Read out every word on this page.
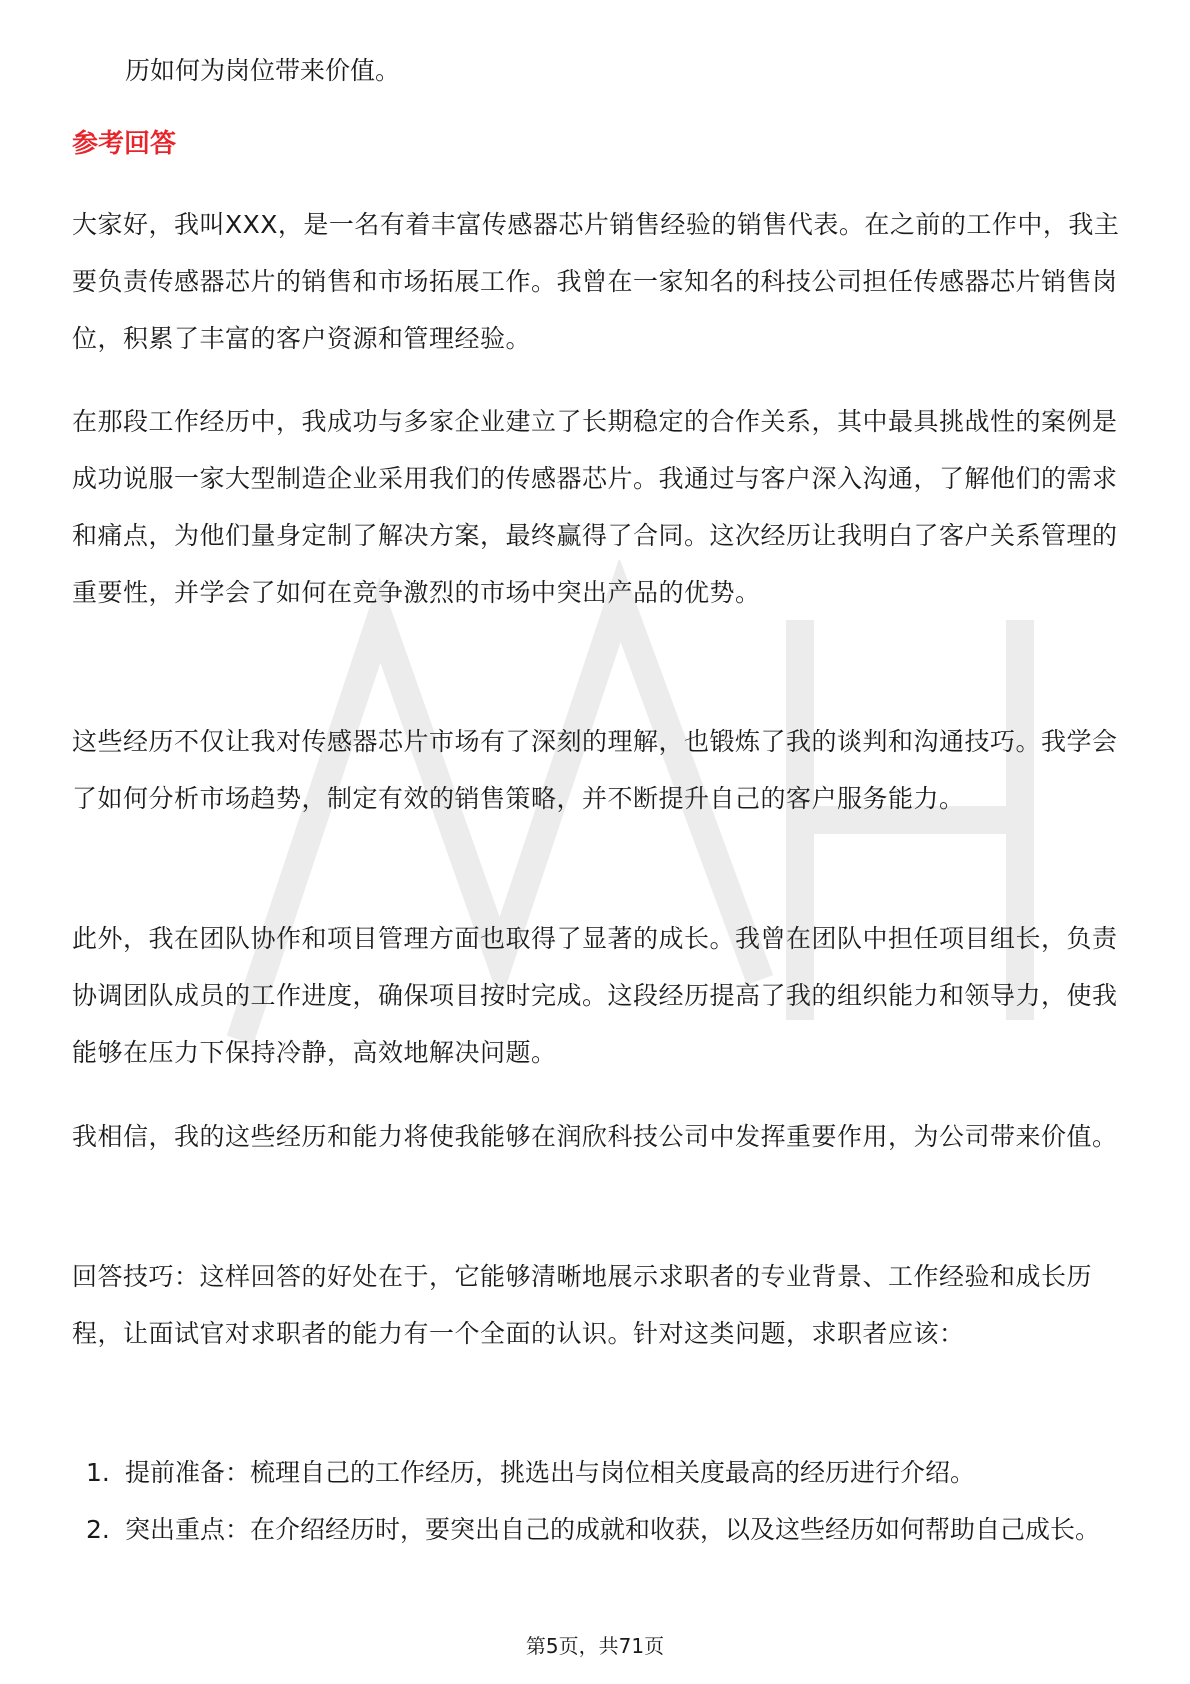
历如何为岗位带来价值。
参考回答
大家好，我叫XXX，是一名有着丰富传感器芯片销售经验的销售代表。在之前的工作中，我主要负责传感器芯片的销售和市场拓展工作。我曾在一家知名的科技公司担任传感器芯片销售岗位，积累了丰富的客户资源和管理经验。
在那段工作经历中，我成功与多家企业建立了长期稳定的合作关系，其中最具挑战性的案例是成功说服一家大型制造企业采用我们的传感器芯片。我通过与客户深入沟通，了解他们的需求和痛点，为他们量身定制了解决方案，最终赢得了合同。这次经历让我明白了客户关系管理的重要性，并学会了如何在竞争激烈的市场中突出产品的优势。
这些经历不仅让我对传感器芯片市场有了深刻的理解，也锻炼了我的谈判和沟通技巧。我学会了如何分析市场趋势，制定有效的销售策略，并不断提升自己的客户服务能力。
此外，我在团队协作和项目管理方面也取得了显著的成长。我曾在团队中担任项目组长，负责协调团队成员的工作进度，确保项目按时完成。这段经历提高了我的组织能力和领导力，使我能够在压力下保持冷静，高效地解决问题。
我相信，我的这些经历和能力将使我能够在润欣科技公司中发挥重要作用，为公司带来价值。
回答技巧：这样回答的好处在于，它能够清晰地展示求职者的专业背景、工作经验和成长历程，让面试官对求职者的能力有一个全面的认识。针对这类问题，求职者应该：
1. 提前准备：梳理自己的工作经历，挑选出与岗位相关度最高的经历进行介绍。
2. 突出重点：在介绍经历时，要突出自己的成就和收获，以及这些经历如何帮助自己成长。
第5页，共71页
